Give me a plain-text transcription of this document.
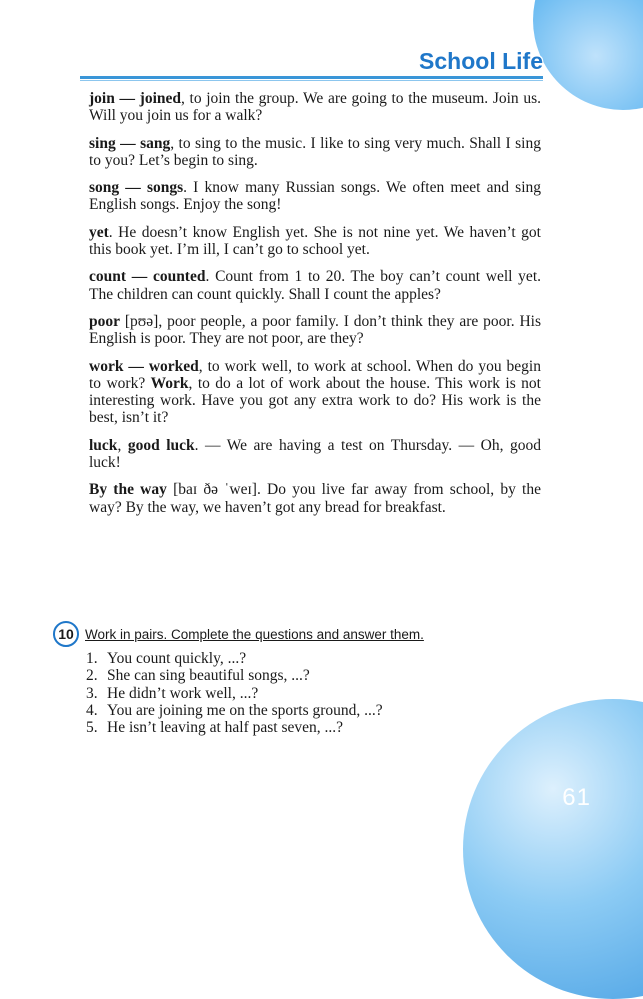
School Life

join — joined, to join the group. We are going to the museum. Join us. Will you join us for a walk?

sing — sang, to sing to the music. I like to sing very much. Shall I sing to you? Let’s begin to sing.

song — songs. I know many Russian songs. We often meet and sing English songs. Enjoy the song!

yet. He doesn’t know English yet. She is not nine yet. We haven’t got this book yet. I’m ill, I can’t go to school yet.

count — counted. Count from 1 to 20. The boy can’t count well yet. The children can count quickly. Shall I count the apples?

poor [pʊə], poor people, a poor family. I don’t think they are poor. His English is poor. They are not poor, are they?

work — worked, to work well, to work at school. When do you begin to work? Work, to do a lot of work about the house. This work is not interesting work. Have you got any extra work to do? His work is the best, isn’t it?

luck, good luck. — We are having a test on Thursday. — Oh, good luck!

By the way [baɪ ðə ˈweɪ]. Do you live far away from school, by the way? By the way, we haven’t got any bread for breakfast.

10 Work in pairs. Complete the questions and answer them.
1. You count quickly, ...?
2. She can sing beautiful songs, ...?
3. He didn’t work well, ...?
4. You are joining me on the sports ground, ...?
5. He isn’t leaving at half past seven, ...?
61
